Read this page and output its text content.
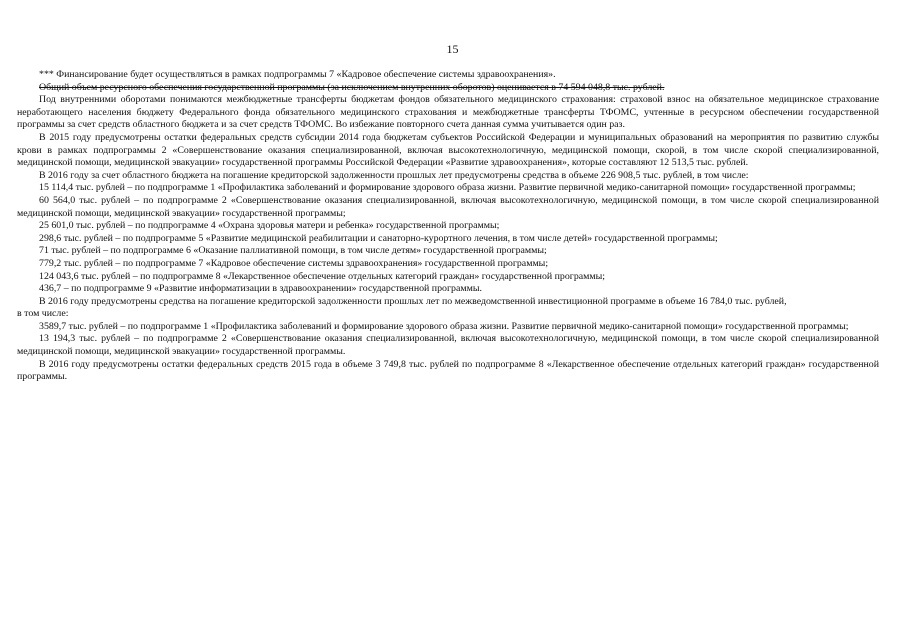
15

*** Финансирование будет осуществляться в рамках подпрограммы 7 «Кадровое обеспечение системы здравоохранения».

Общий объем ресурсного обеспечения государственной программы (за исключением внутренних оборотов) оценивается в 74 594 048,8 тыс. рублей.

Под внутренними оборотами понимаются межбюджетные трансферты бюджетам фондов обязательного медицинского страхования: страховой взнос на обязательное медицинское страхование неработающего населения бюджету Федерального фонда обязательного медицинского страхования и межбюджетные трансферты ТФОМС, учтенные в ресурсном обеспечении государственной программы за счет средств областного бюджета и за счет средств ТФОМС. Во избежание повторного счета данная сумма учитывается один раз.

В 2015 году предусмотрены остатки федеральных средств субсидии 2014 года бюджетам субъектов Российской Федерации и муниципальных образований на мероприятия по развитию службы крови в рамках подпрограммы 2 «Совершенствование оказания специализированной, включая высокотехнологичную, медицинской помощи, скорой, в том числе скорой специализированной, медицинской помощи, медицинской эвакуации» государственной программы Российской Федерации «Развитие здравоохранения», которые составляют 12 513,5 тыс. рублей.

В 2016 году за счет областного бюджета на погашение кредиторской задолженности прошлых лет предусмотрены средства в объеме 226 908,5 тыс. рублей, в том числе:

15 114,4 тыс. рублей – по подпрограмме 1 «Профилактика заболеваний и формирование здорового образа жизни. Развитие первичной медико-санитарной помощи» государственной программы;

60 564,0 тыс. рублей – по подпрограмме 2 «Совершенствование оказания специализированной, включая высокотехнологичную, медицинской помощи, в том числе скорой специализированной медицинской помощи, медицинской эвакуации» государственной программы;

25 601,0 тыс. рублей – по подпрограмме 4 «Охрана здоровья матери и ребенка» государственной программы;

298,6 тыс. рублей – по подпрограмме 5 «Развитие медицинской реабилитации и санаторно-курортного лечения, в том числе детей» государственной программы;

71 тыс. рублей – по подпрограмме 6 «Оказание паллиативной помощи, в том числе детям» государственной программы;

779,2 тыс. рублей – по подпрограмме 7 «Кадровое обеспечение системы здравоохранения» государственной программы;

124 043,6 тыс. рублей – по подпрограмме 8 «Лекарственное обеспечение отдельных категорий граждан» государственной программы;

436,7 – по подпрограмме 9 «Развитие информатизации в здравоохранении» государственной программы.

В 2016 году предусмотрены средства на погашение кредиторской задолженности прошлых лет по межведомственной инвестиционной программе в объеме 16 784,0 тыс. рублей,

в том числе:

3589,7 тыс. рублей – по подпрограмме 1 «Профилактика заболеваний и формирование здорового образа жизни. Развитие первичной медико-санитарной помощи» государственной программы;

13 194,3 тыс. рублей – по подпрограмме 2 «Совершенствование оказания специализированной, включая высокотехнологичную, медицинской помощи, в том числе скорой специализированной медицинской помощи, медицинской эвакуации» государственной программы.

В 2016 году предусмотрены остатки федеральных средств 2015 года в объеме 3 749,8 тыс. рублей по подпрограмме 8 «Лекарственное обеспечение отдельных категорий граждан» государственной программы.
